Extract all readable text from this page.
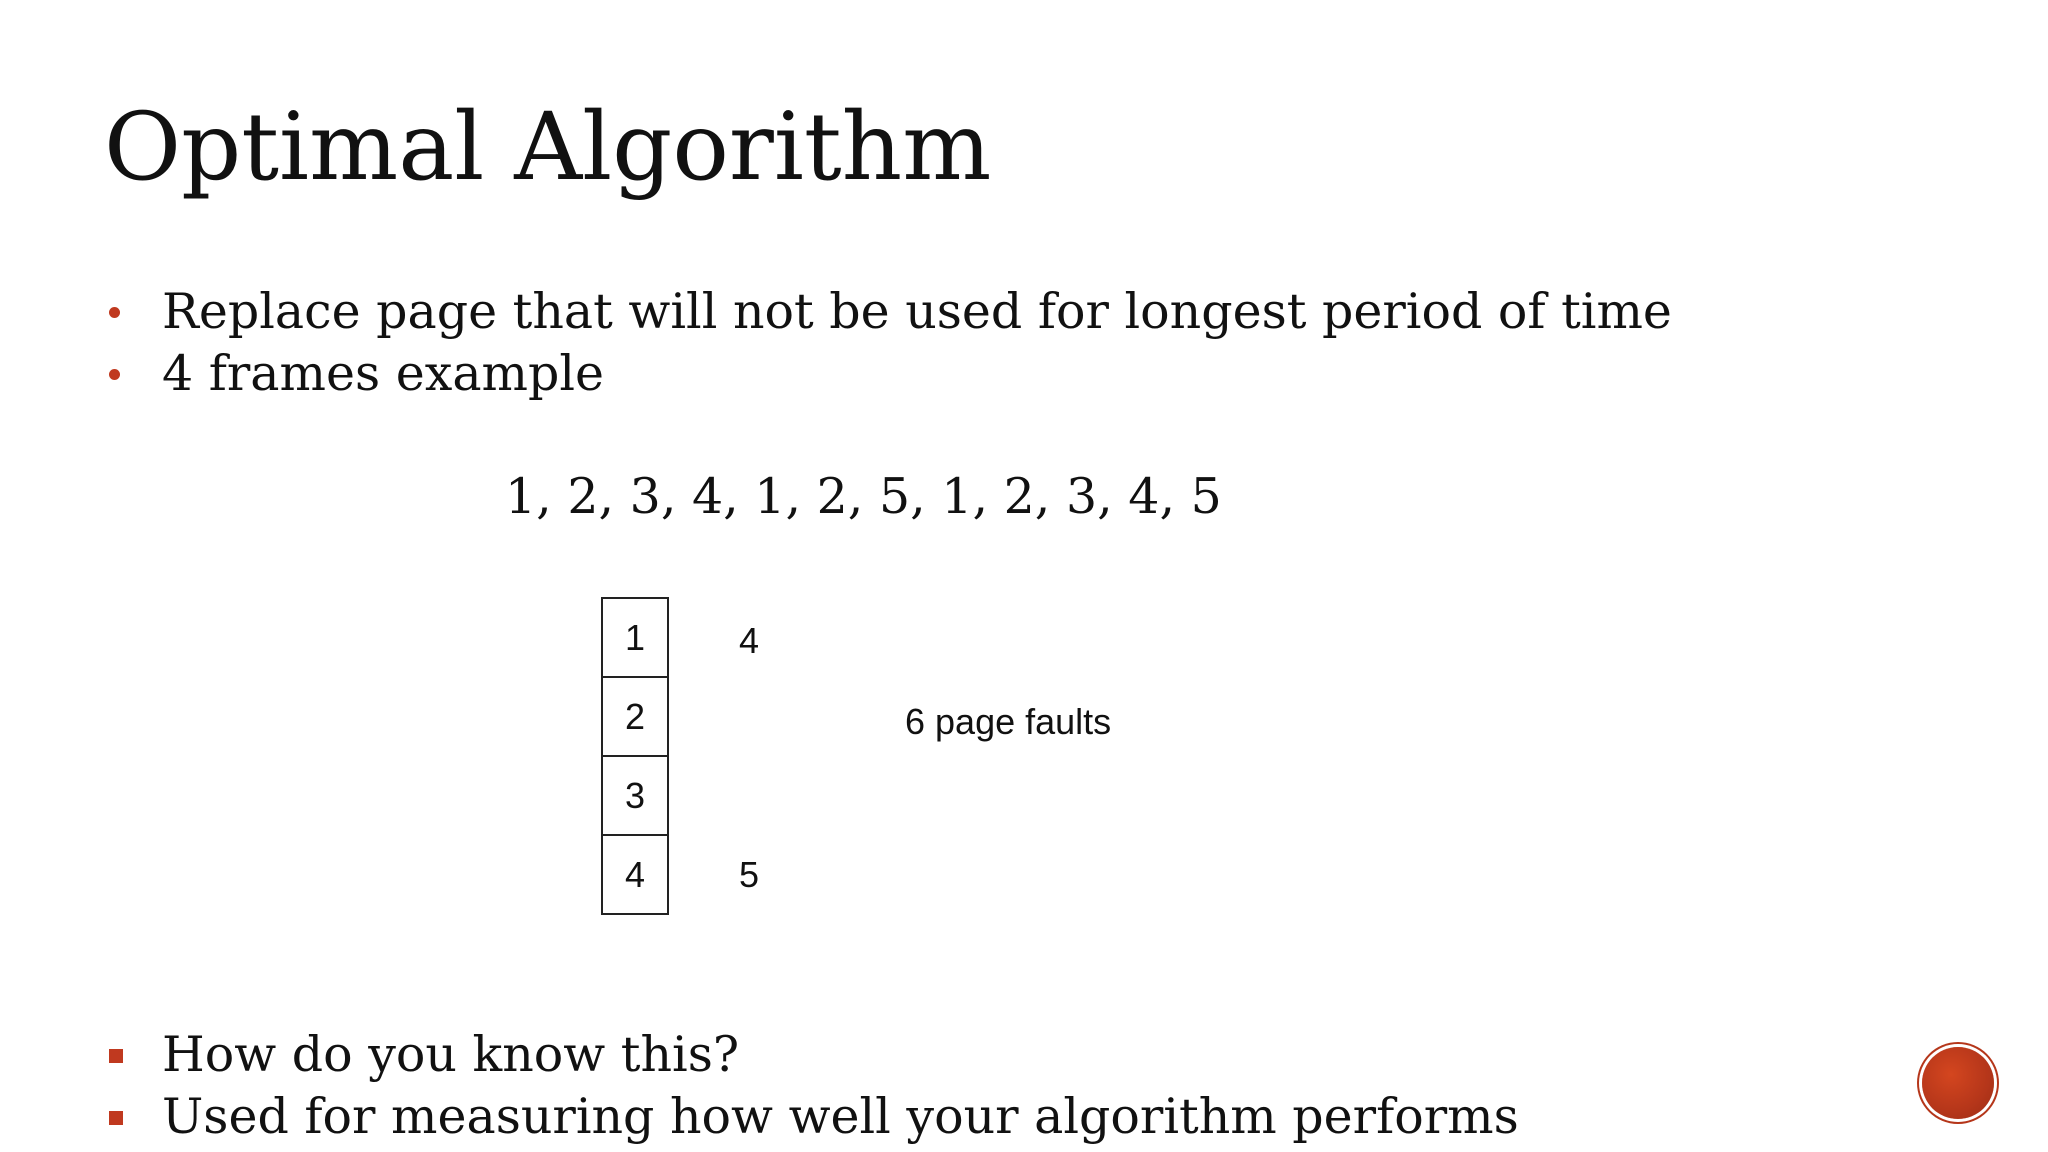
Optimal Algorithm
Replace page that will not be used for longest period of time
4 frames example
1, 2, 3, 4, 1, 2, 5, 1, 2, 3, 4, 5
1
2
3
4
4
5
6 page faults
How do you know this?
Used for measuring how well your algorithm performs
